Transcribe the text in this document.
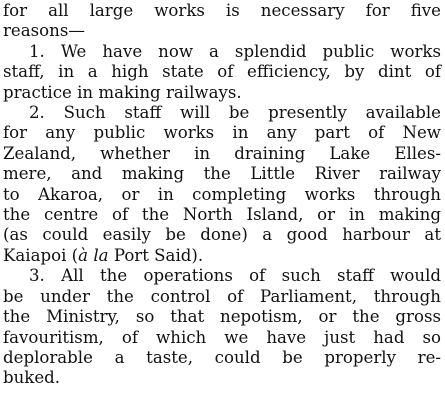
for all large works is necessary for five
reasons—

1. We have now a splendid public works
staff, in a high state of efficiency, by dint of
practice in making railways.

2. Such staff will be presently available
for any public works in any part of New
Zealand, whether in draining Lake Elles-
mere, and making the Little River railway
to Akaroa, or in completing works through
the centre of the North Island, or in making
(as could easily be done) a good harbour at
Kaiapoi (à la Port Said).

3. All the operations of such staff would
be under the control of Parliament, through
the Ministry, so that nepotism, or the gross
favouritism, of which we have just had so
deplorable a taste, could be properly re-
buked.
